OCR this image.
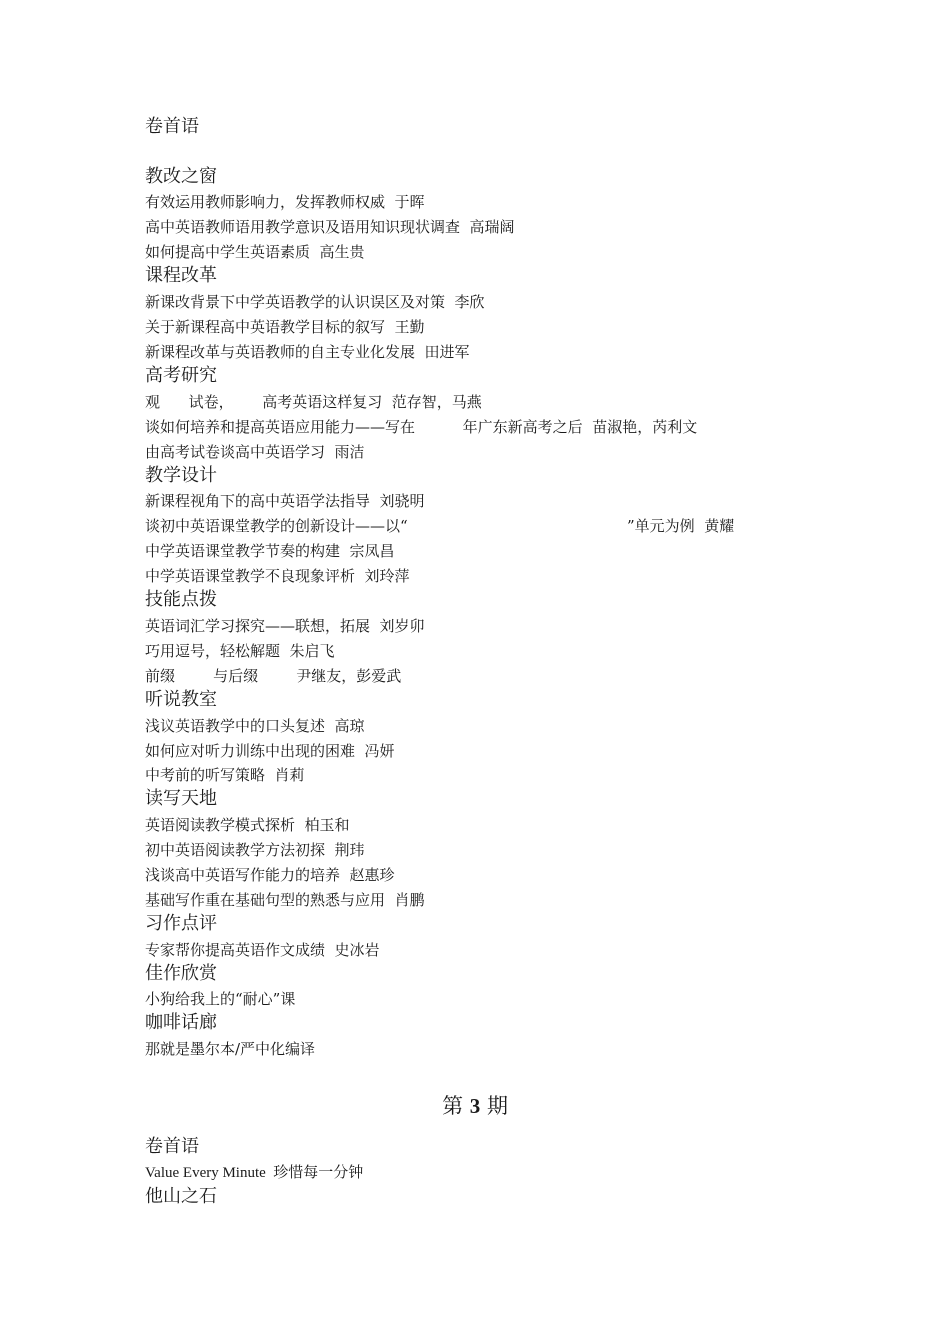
卷首语
教改之窗
有效运用教师影响力，发挥教师权威  于晖
高中英语教师语用教学意识及语用知识现状调查  高瑞阔
如何提高中学生英语素质  高生贵
课程改革
新课改背景下中学英语教学的认识误区及对策  李欣
关于新课程高中英语教学目标的叙写  王勤
新课程改革与英语教师的自主专业化发展  田进军
高考研究
观      试卷，      高考英语这样复习  范存智，马燕
谈如何培养和提高英语应用能力——写在          年广东新高考之后  苗淑艳，芮利文
由高考试卷谈高中英语学习  雨洁
教学设计
新课程视角下的高中英语学法指导  刘骁明
谈初中英语课堂教学的创新设计——以“                                              ”单元为例  黄耀
中学英语课堂教学节奏的构建  宗凤昌
中学英语课堂教学不良现象评析  刘玲萍
技能点拨
英语词汇学习探究——联想，拓展  刘岁卯
巧用逗号，轻松解题  朱启飞
前缀        与后缀        尹继友，彭爱武
听说教室
浅议英语教学中的口头复述  高琼
如何应对听力训练中出现的困难  冯妍
中考前的听写策略  肖莉
读写天地
英语阅读教学模式探析  柏玉和
初中英语阅读教学方法初探  荆玮
浅谈高中英语写作能力的培养  赵惠珍
基础写作重在基础句型的熟悉与应用  肖鹏
习作点评
专家帮你提高英语作文成绩  史冰岩
佳作欣赏
小狗给我上的“耐心”课
咖啡话廊
那就是墨尔本/严中化编译
第 3 期
卷首语
Value Every Minute  珍惜每一分钟
他山之石
